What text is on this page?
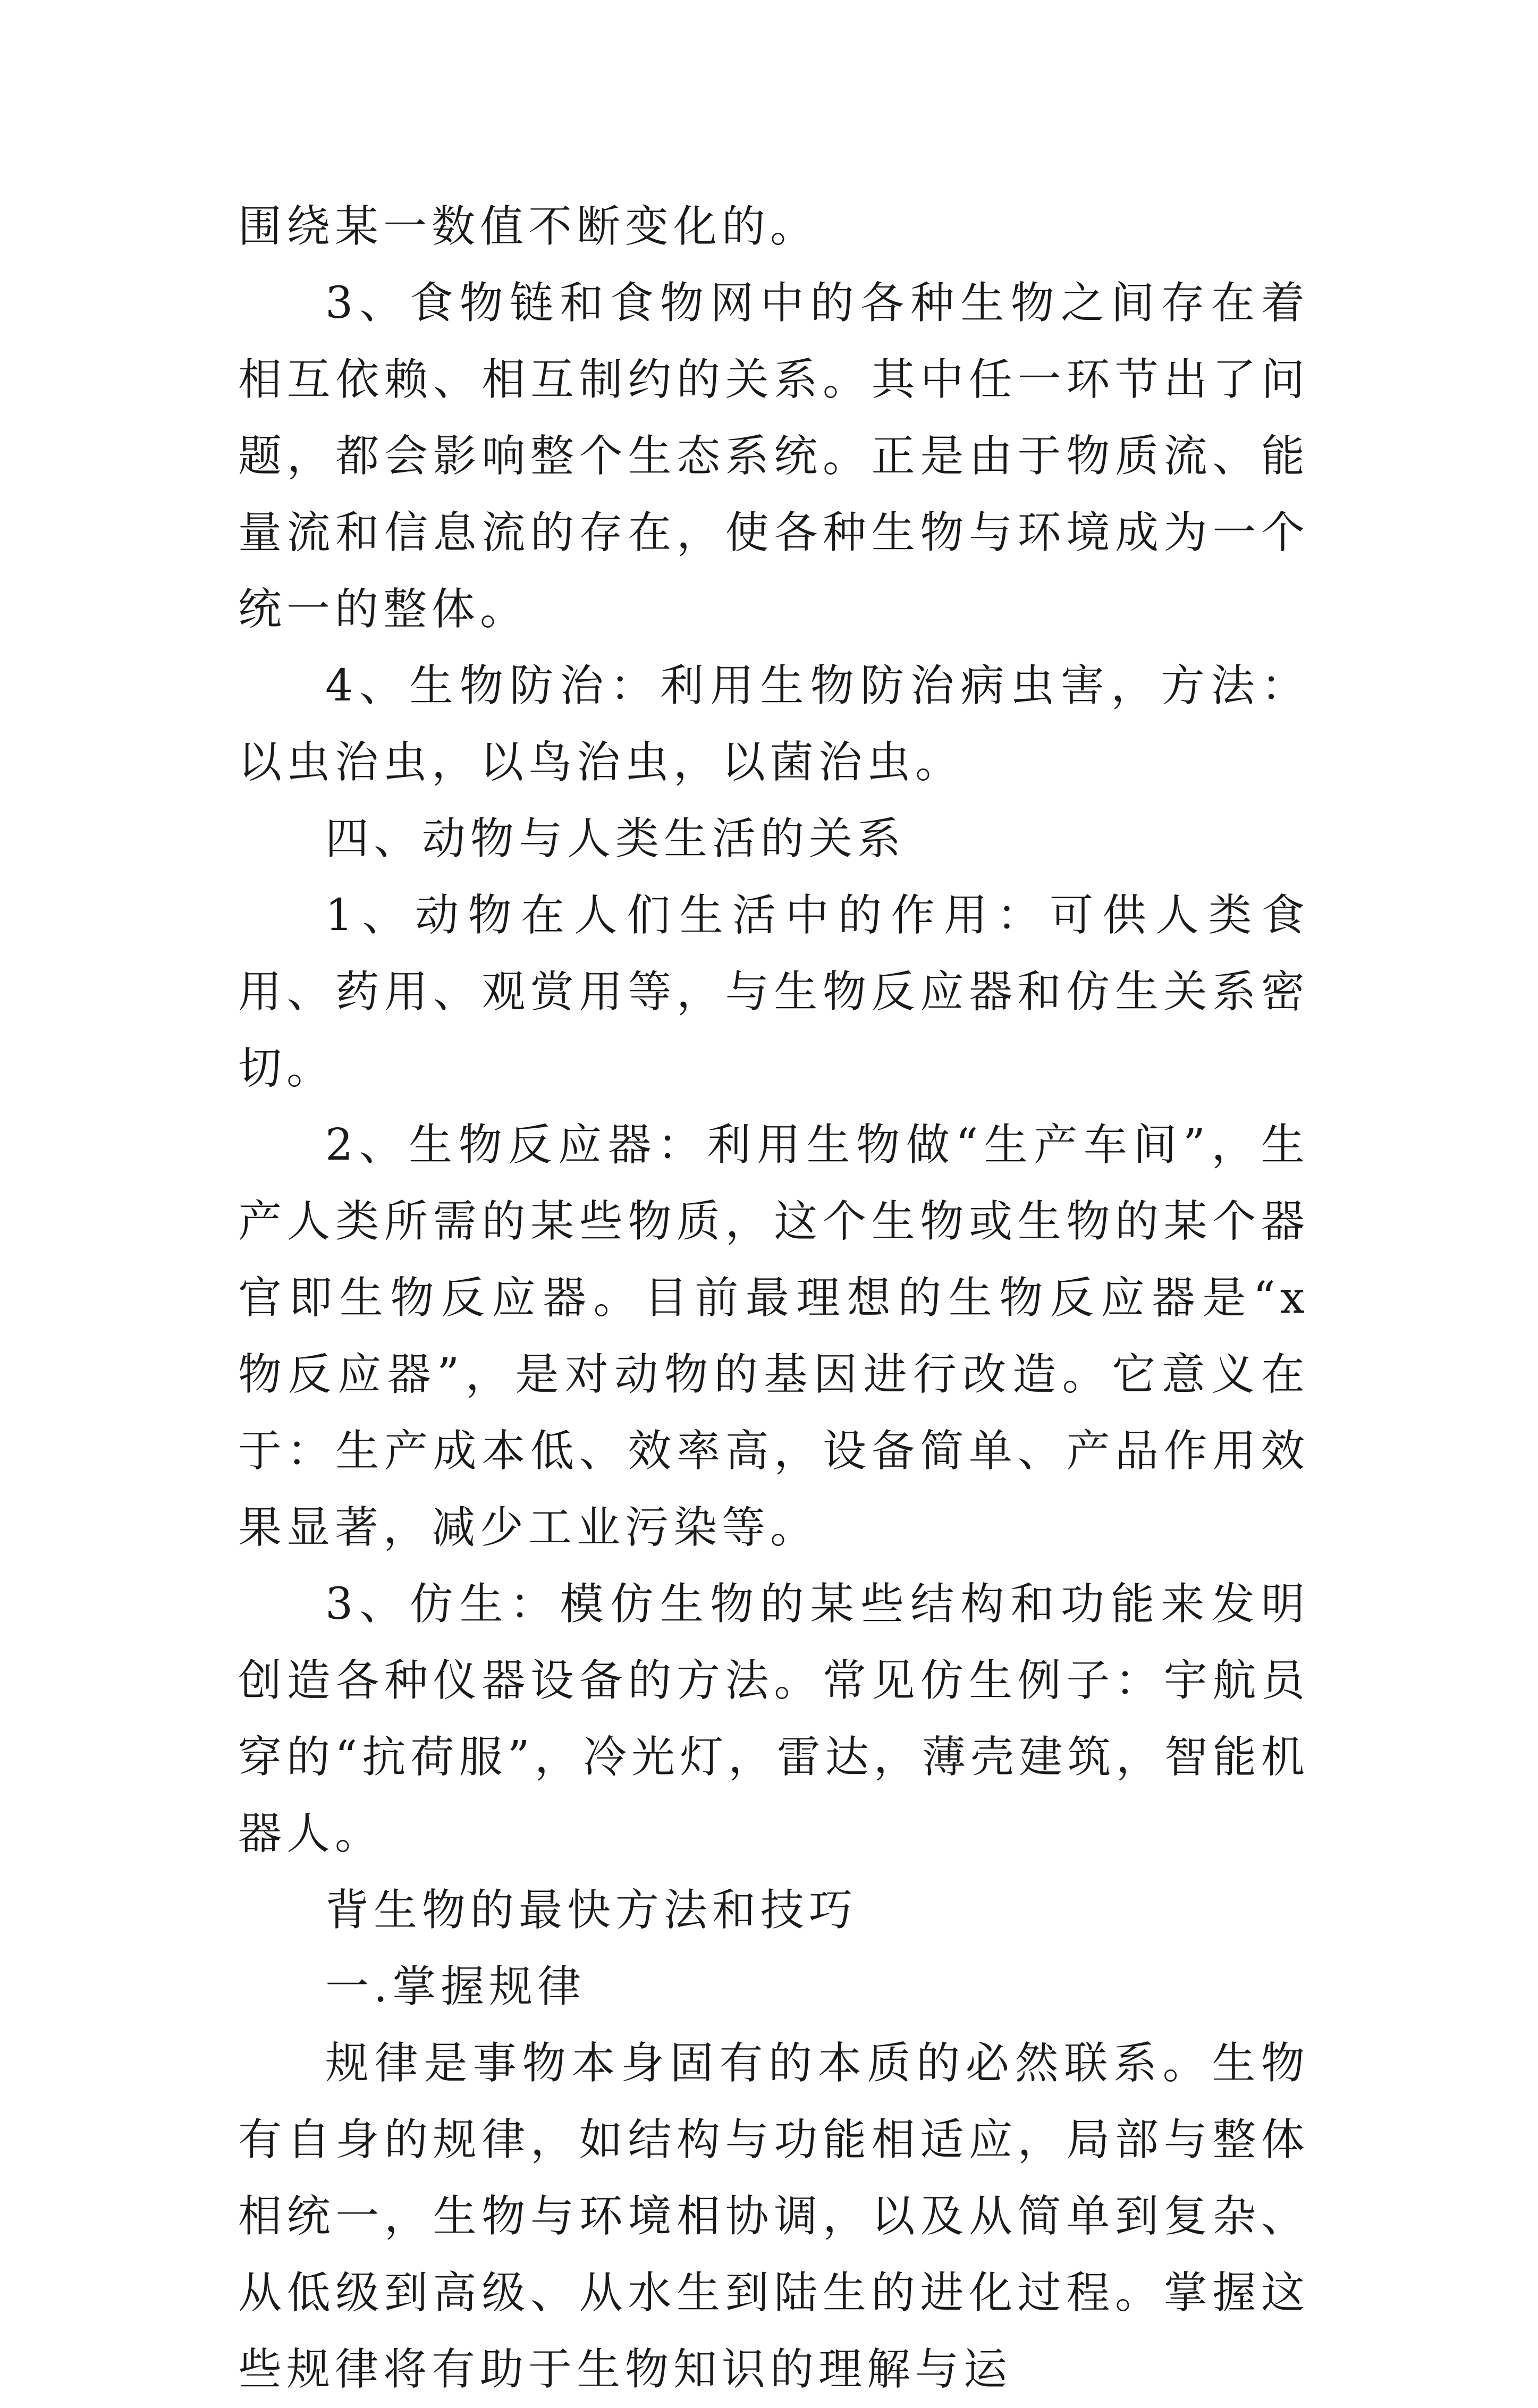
围绕某一数值不断变化的。

3、食物链和食物网中的各种生物之间存在着相互依赖、相互制约的关系。其中任一环节出了问题，都会影响整个生态系统。正是由于物质流、能量流和信息流的存在，使各种生物与环境成为一个统一的整体。

4、生物防治：利用生物防治病虫害，方法：以虫治虫，以鸟治虫，以菌治虫。

四、动物与人类生活的关系

1、动物在人们生活中的作用：可供人类食用、药用、观赏用等，与生物反应器和仿生关系密切。

2、生物反应器：利用生物做“生产车间”，生产人类所需的某些物质，这个生物或生物的某个器官即生物反应器。目前最理想的生物反应器是“x物反应器”，是对动物的基因进行改造。它意义在于：生产成本低、效率高，设备简单、产品作用效果显著，减少工业污染等。

3、仿生：模仿生物的某些结构和功能来发明创造各种仪器设备的方法。常见仿生例子：宇航员穿的“抗荷服”，冷光灯，雷达，薄壳建筑，智能机器人。

背生物的最快方法和技巧

一.掌握规律

规律是事物本身固有的本质的必然联系。生物有自身的规律，如结构与功能相适应，局部与整体相统一，生物与环境相协调，以及从简单到复杂、从低级到高级、从水生到陆生的进化过程。掌握这些规律将有助于生物知识的理解与运
